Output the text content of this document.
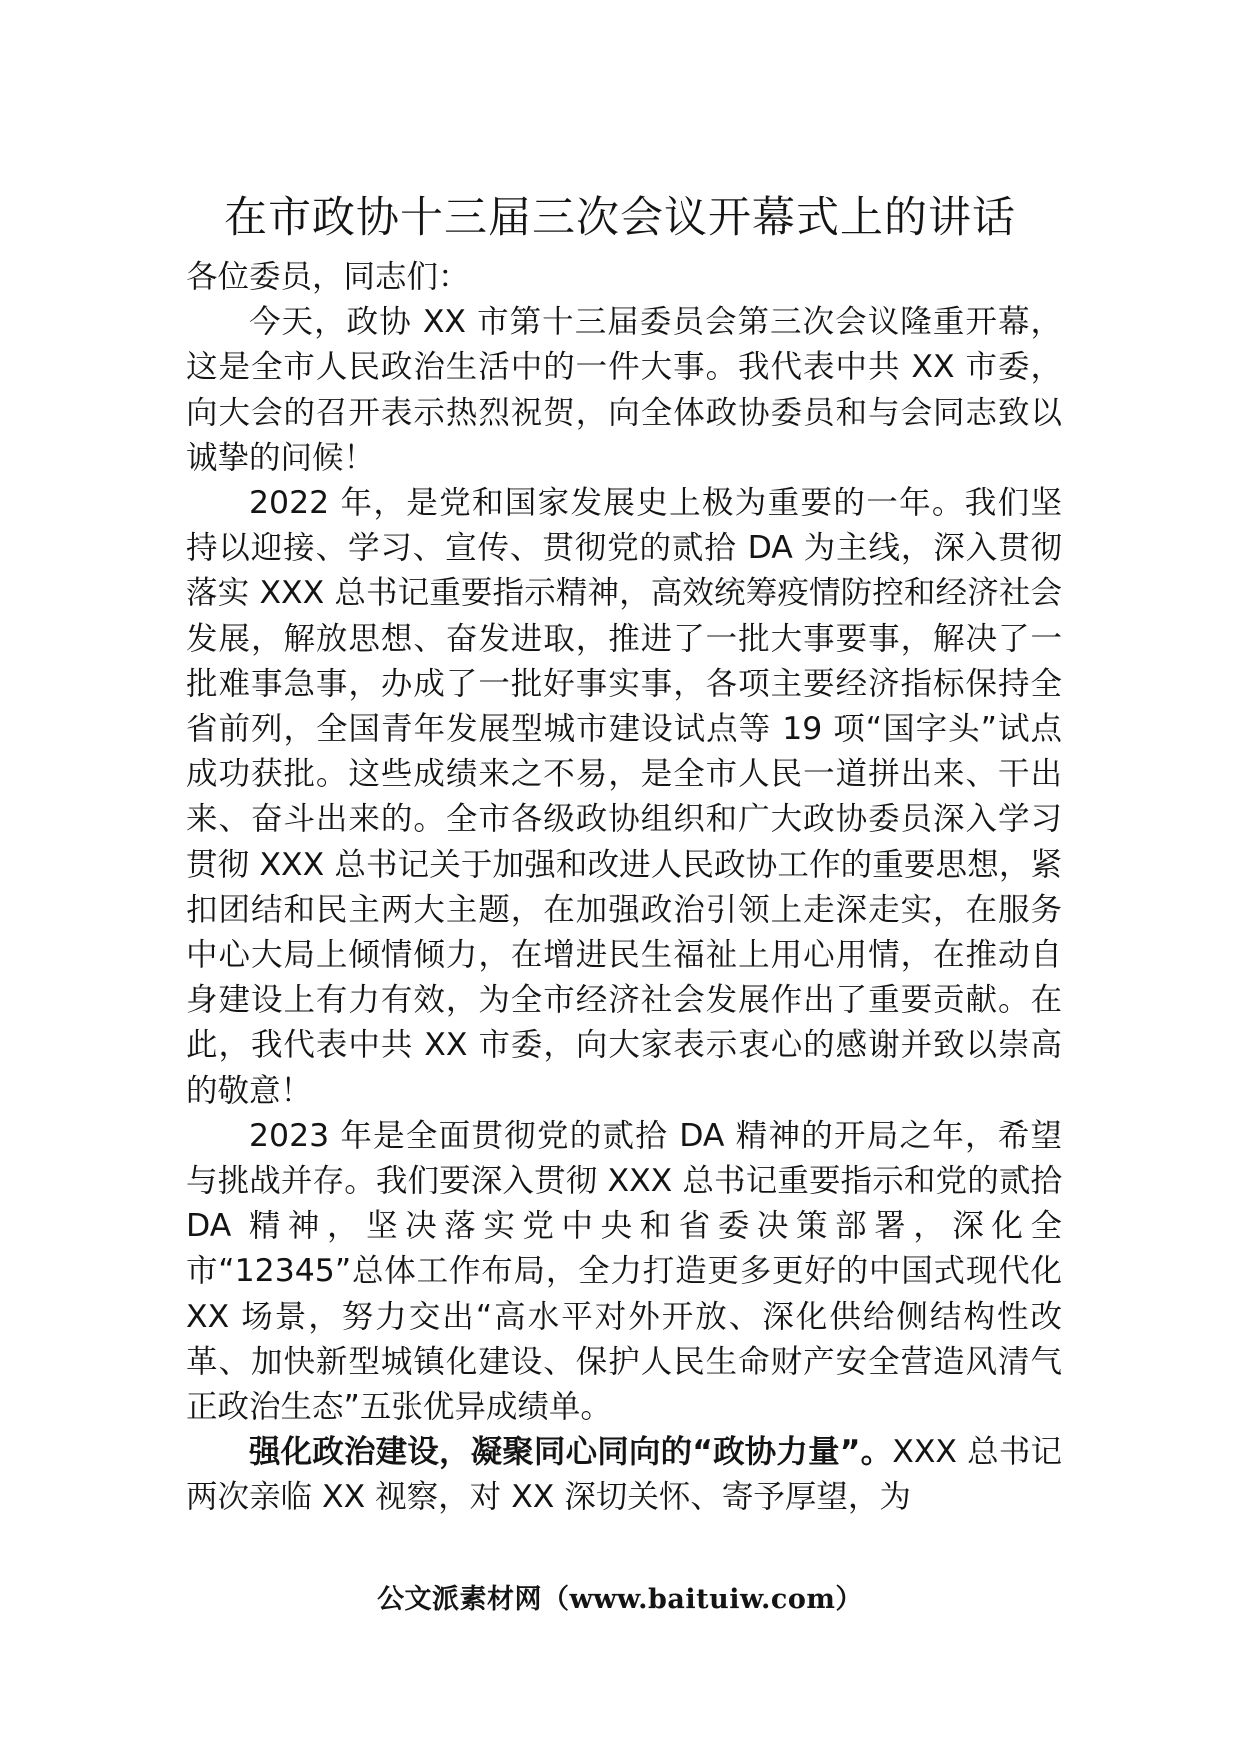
在市政协十三届三次会议开幕式上的讲话

各位委员，同志们：

今天，政协 XX 市第十三届委员会第三次会议隆重开幕，这是全市人民政治生活中的一件大事。我代表中共 XX 市委，向大会的召开表示热烈祝贺，向全体政协委员和与会同志致以诚挚的问候！

2022 年，是党和国家发展史上极为重要的一年。我们坚持以迎接、学习、宣传、贯彻党的贰拾 DA 为主线，深入贯彻落实 XXX 总书记重要指示精神，高效统筹疫情防控和经济社会发展，解放思想、奋发进取，推进了一批大事要事，解决了一批难事急事，办成了一批好事实事，各项主要经济指标保持全省前列，全国青年发展型城市建设试点等 19 项“国字头”试点成功获批。这些成绩来之不易，是全市人民一道拼出来、干出来、奋斗出来的。全市各级政协组织和广大政协委员深入学习贯彻 XXX 总书记关于加强和改进人民政协工作的重要思想，紧扣团结和民主两大主题，在加强政治引领上走深走实，在服务中心大局上倾情倾力，在增进民生福祉上用心用情，在推动自身建设上有力有效，为全市经济社会发展作出了重要贡献。在此，我代表中共 XX 市委，向大家表示衷心的感谢并致以崇高的敬意！

2023 年是全面贯彻党的贰拾 DA 精神的开局之年，希望与挑战并存。我们要深入贯彻 XXX 总书记重要指示和党的贰拾 DA 精神，坚决落实党中央和省委决策部署，深化全市“12345”总体工作布局，全力打造更多更好的中国式现代化 XX 场景，努力交出“高水平对外开放、深化供给侧结构性改革、加快新型城镇化建设、保护人民生命财产安全营造风清气正政治生态”五张优异成绩单。

强化政治建设，凝聚同心同向的“政协力量”。XXX 总书记两次亲临 XX 视察，对 XX 深切关怀、寄予厚望，为

公文派素材网（www.baituiw.com）
